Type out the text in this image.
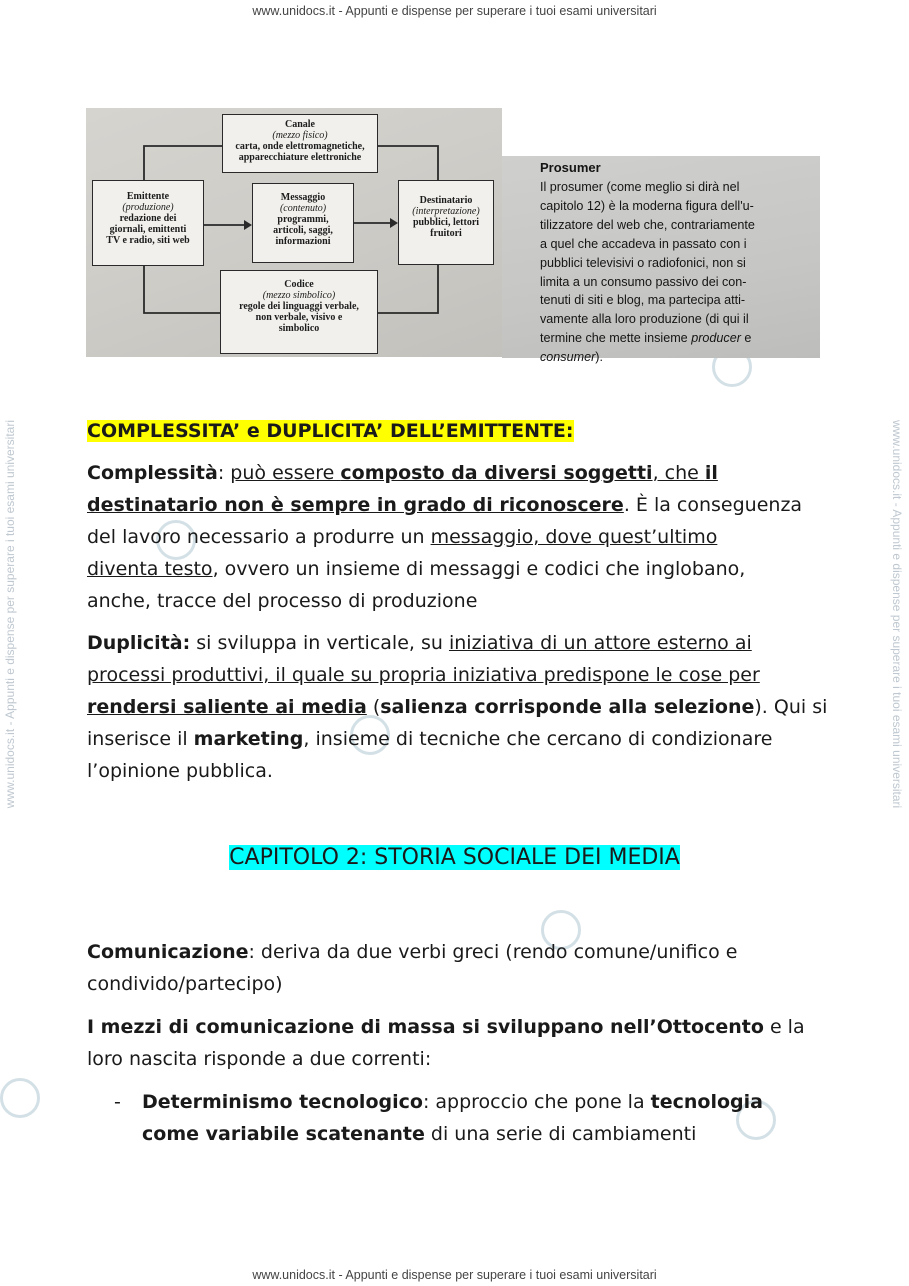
www.unidocs.it - Appunti e dispense per superare i tuoi esami universitari
www.unidocs.it - Appunti e dispense per superare i tuoi esami universitari
www.unidocs.it - Appunti e dispense per superare i tuoi esami universitari	www.unidocs.it - Appunti e dispense per superare i tuoi esami universitari
Canale
(mezzo fisico)
carta, onde elettromagnetiche,
apparecchiature elettroniche
Emittente
(produzione)
redazione dei
giornali, emittenti
TV e radio, siti web
Messaggio
(contenuto)
programmi,
articoli, saggi,
informazioni
Destinatario
(interpretazione)
pubblici, lettori
fruitori
Codice
(mezzo simbolico)
regole dei linguaggi verbale,
non verbale, visivo e
simbolico
Prosumer
Il prosumer (come meglio si dirà nel
capitolo 12) è la moderna figura dell'u-
tilizzatore del web che, contrariamente
a quel che accadeva in passato con i
pubblici televisivi o radiofonici, non si
limita a un consumo passivo dei con-
tenuti di siti e blog, ma partecipa atti-
vamente alla loro produzione (di qui il
termine che mette insieme producer e
consumer).
COMPLESSITA’ e DUPLICITA’ DELL’EMITTENTE:
Complessità: può essere composto da diversi soggetti, che il
destinatario non è sempre in grado di riconoscere. È la conseguenza
del lavoro necessario a produrre un messaggio, dove quest’ultimo
diventa testo, ovvero un insieme di messaggi e codici che inglobano,
anche, tracce del processo di produzione
Duplicità: si sviluppa in verticale, su iniziativa di un attore esterno ai
processi produttivi, il quale su propria iniziativa predispone le cose per
rendersi saliente ai media (salienza corrisponde alla selezione). Qui si
inserisce il marketing, insieme di tecniche che cercano di condizionare
l’opinione pubblica.
CAPITOLO 2: STORIA SOCIALE DEI MEDIA
Comunicazione: deriva da due verbi greci (rendo comune/unifico e
condivido/partecipo)
I mezzi di comunicazione di massa si sviluppano nell’Ottocento e la
loro nascita risponde a due correnti:
- Determinismo tecnologico: approccio che pone la tecnologia
come variabile scatenante di una serie di cambiamenti
